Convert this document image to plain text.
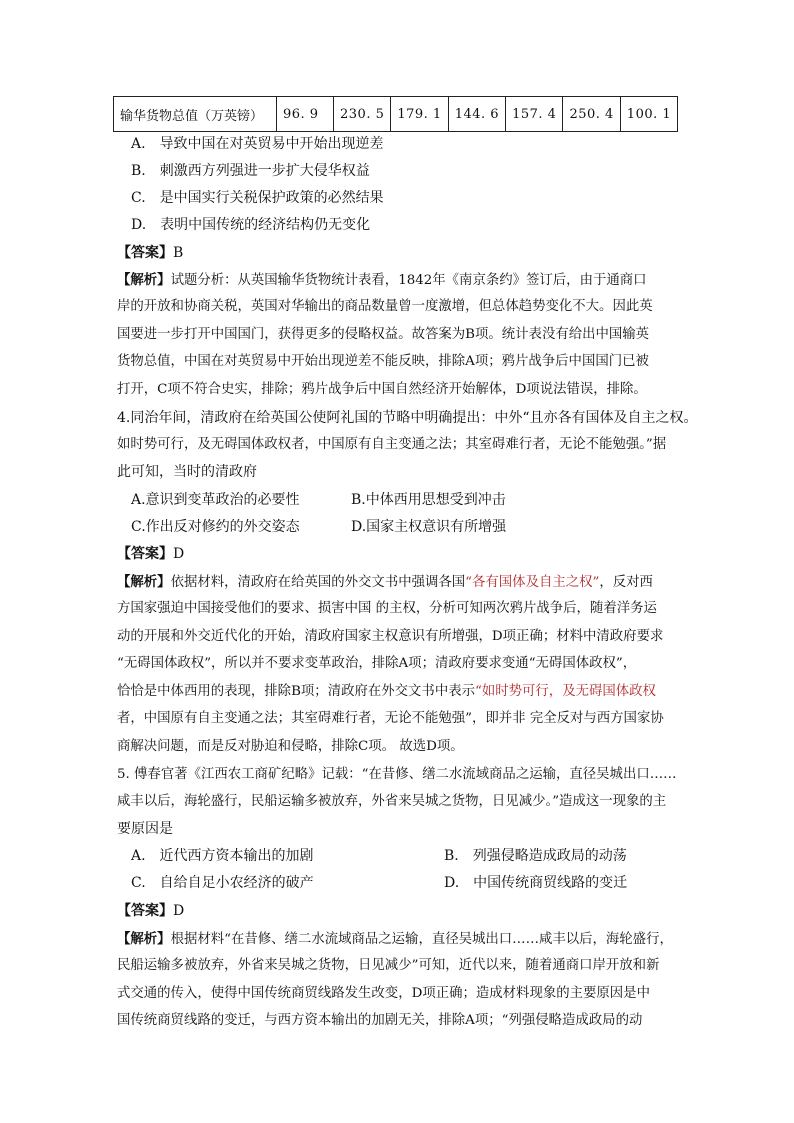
输华货物总值（万英镑）	96. 9	230. 5	179. 1	144. 6	157. 4	250. 4	100. 1
A.　导致中国在对英贸易中开始出现逆差
B.　刺激西方列强进一步扩大侵华权益
C.　是中国实行关税保护政策的必然结果
D.　表明中国传统的经济结构仍无变化
【答案】B
【解析】试题分析：从英国输华货物统计表看，1842年《南京条约》签订后，由于通商口
岸的开放和协商关税，英国对华输出的商品数量曾一度激增，但总体趋势变化不大。因此英
国要进一步打开中国国门，获得更多的侵略权益。故答案为B项。统计表没有给出中国输英
货物总值，中国在对英贸易中开始出现逆差不能反映，排除A项；鸦片战争后中国国门已被
打开，C项不符合史实，排除；鸦片战争后中国自然经济开始解体，D项说法错误，排除。
4.同治年间，清政府在给英国公使阿礼国的节略中明确提出：中外“且亦各有国体及自主之权。
如时势可行，及无碍国体政权者，中国原有自主变通之法；其室碍难行者，无论不能勉强。”据
此可知，当时的清政府
A.意识到变革政治的必要性	B.中体西用思想受到冲击
C.作出反对修约的外交姿态	D.国家主权意识有所增强
【答案】D
【解析】依据材料，清政府在给英国的外交文书中强调各国“各有国体及自主之权”，反对西
方国家强迫中国接受他们的要求、损害中国 的主权，分析可知两次鸦片战争后，随着洋务运
动的开展和外交近代化的开始，清政府国家主权意识有所增强，D项正确；材料中清政府要求
“无碍国体政权”，所以并不要求变革政治，排除A项；清政府要求变通“无碍国体政权”，
恰恰是中体西用的表现，排除B项；清政府在外交文书中表示“如时势可行，及无碍国体政权
者，中国原有自主变通之法；其室碍难行者，无论不能勉强”，即并非 完全反对与西方国家协
商解决问题，而是反对胁迫和侵略，排除C项。 故选D项。
5. 傅春官著《江西农工商矿纪略》记载：“在昔修、缮二水流域商品之运输，直径吴城出口……
咸丰以后，海轮盛行，民船运输多被放弃，外省来吴城之货物，日见减少。”造成这一现象的主
要原因是
A.　近代西方资本输出的加剧	B.　列强侵略造成政局的动荡
C.　自给自足小农经济的破产	D.　中国传统商贸线路的变迁
【答案】D
【解析】根据材料“在昔修、缮二水流域商品之运输，直径吴城出口……咸丰以后，海轮盛行，
民船运输多被放弃，外省来吴城之货物，日见减少”可知，近代以来，随着通商口岸开放和新
式交通的传入，使得中国传统商贸线路发生改变，D项正确；造成材料现象的主要原因是中
国传统商贸线路的变迁，与西方资本输出的加剧无关，排除A项；“列强侵略造成政局的动
